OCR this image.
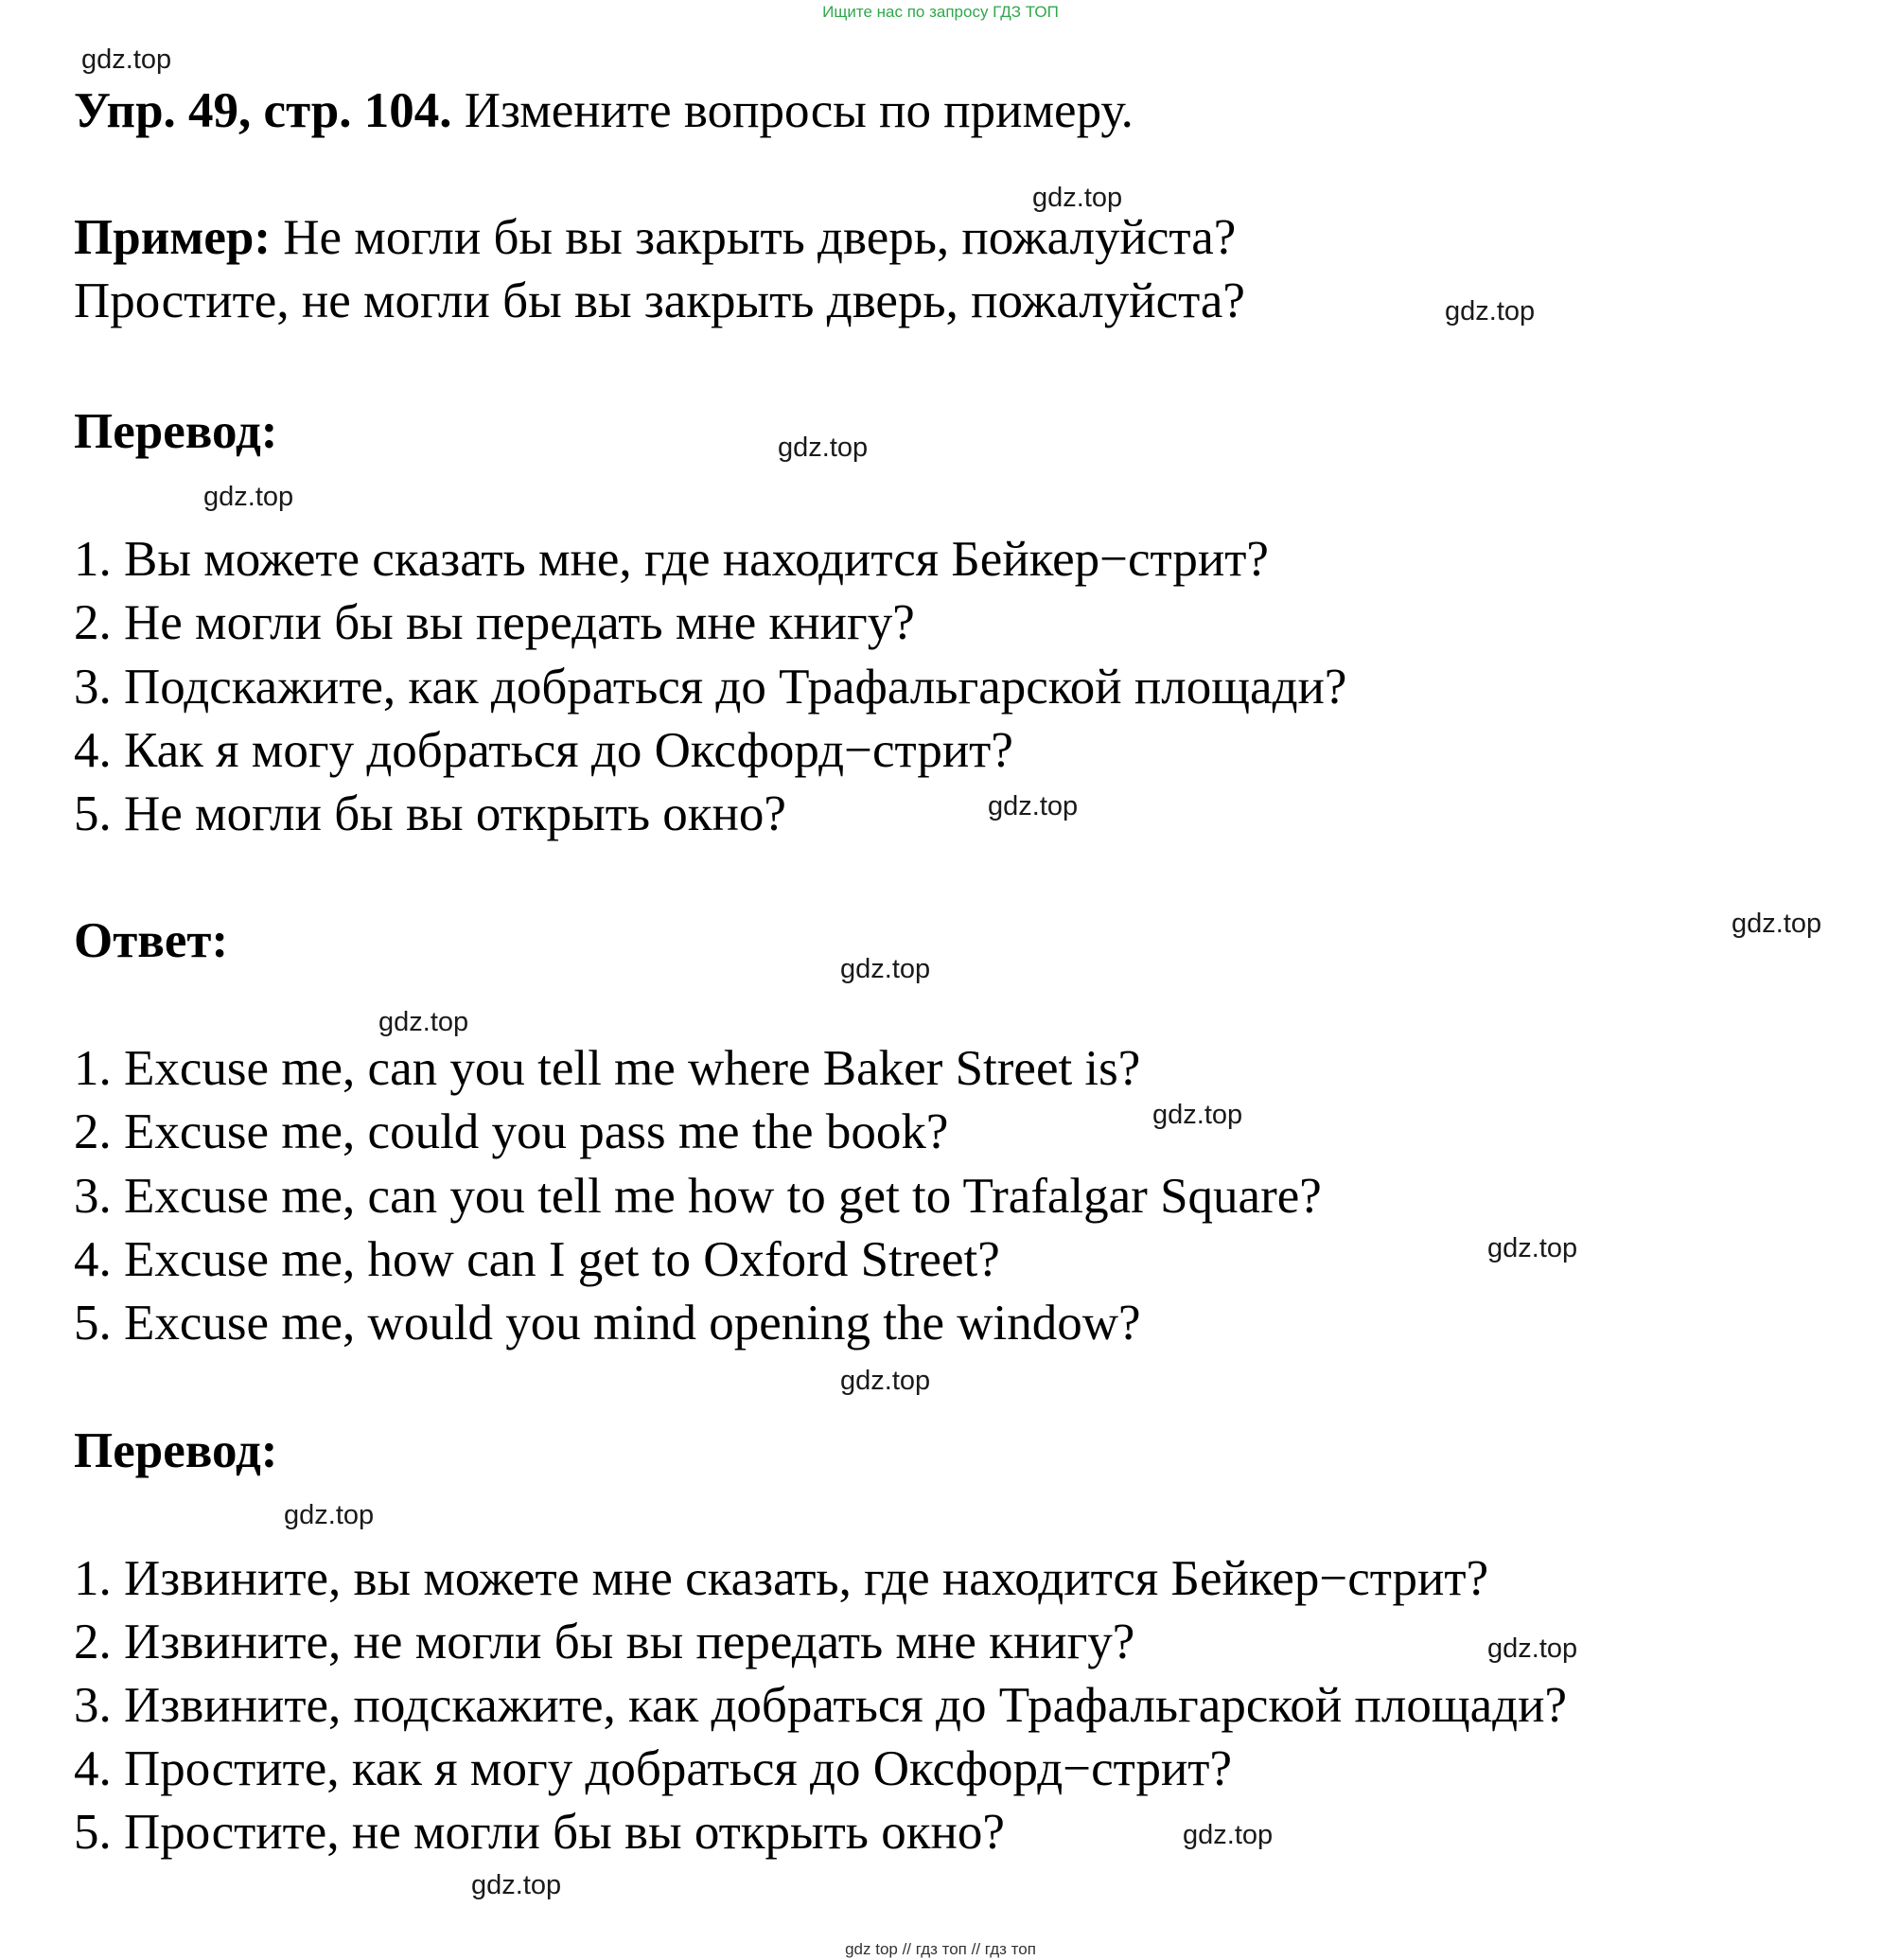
Ищите нас по запросу ГДЗ ТОП
Упр. 49, стр. 104. Измените вопросы по примеру.
Пример: Не могли бы вы закрыть дверь, пожалуйста?
Простите, не могли бы вы закрыть дверь, пожалуйста?
Перевод:
1. Вы можете сказать мне, где находится Бейкер−стрит?
2. Не могли бы вы передать мне книгу?
3. Подскажите, как добраться до Трафальгарской площади?
4. Как я могу добраться до Оксфорд−стрит?
5. Не могли бы вы открыть окно?
Ответ:
1. Excuse me, can you tell me where Baker Street is?
2. Excuse me, could you pass me the book?
3. Excuse me, can you tell me how to get to Trafalgar Square?
4. Excuse me, how can I get to Oxford Street?
5. Excuse me, would you mind opening the window?
Перевод:
1. Извините, вы можете мне сказать, где находится Бейкер−стрит?
2. Извините, не могли бы вы передать мне книгу?
3. Извините, подскажите, как добраться до Трафальгарской площади?
4. Простите, как я могу добраться до Оксфорд−стрит?
5. Простите, не могли бы вы открыть окно?
gdz.top
gdz.top
gdz.top
gdz.top
gdz.top
gdz.top
gdz.top
gdz.top
gdz.top
gdz.top
gdz.top
gdz.top
gdz.top
gdz.top
gdz.top
gdz.top
gdz top // гдз топ // гдз топ
